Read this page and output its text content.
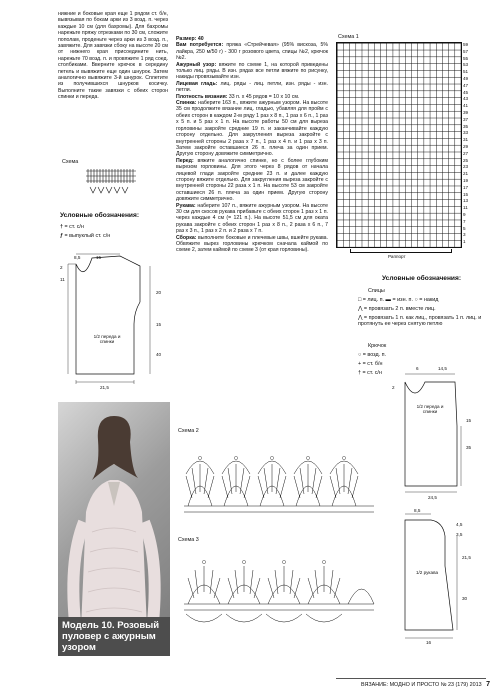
нижние и боковые края еще 1 рядом ст. б/н, вывязывая по бокам арки из 3 возд. п. через каждые 10 см (для бахромы). Для бахромы нарежьте пряжу отрезками по 30 см, сложите пополам, проденьте через арки из 3 возд. п., завяжите. Для завязки сбоку на высоте 20 см от нижнего края присоедините нить, нарежьте 70 возд. п. и провяжите 1 ряд соед. столбиками. Вверните крючок в середину петель и вывяжите еще один шнурок. Затем аналогично вывяжите 3-й шнурок. Сплетите из получившихся шнурков косичку. Выполните такие завязки с обеих сторон спинки и переда.
Схема
Условные обозначения:
† = ст. с/н
ƒ = выпуклый ст. с/н
8,5	15
2
11
20
15
40
21,5
1/2 переда и спинки
Модель 10. Розовый пуловер с ажурным узором
Размер: 40
Вам потребуется: пряжа «Стрейчевая» (95% вискоза, 5% лайкра, 250 м/50 г) - 300 г розового цвета, спицы №2, крючок №2.
Ажурный узор: вяжите по схеме 1, на которой приведены только лиц. ряды. В изн. рядах все петли вяжите по рисунку, накиды провязывайте изн.
Лицевая гладь: лиц. ряды - лиц. петли, изн. ряды - изн. петли.
Плотность вязания: 33 п. х 45 рядов = 10 х 10 см.
Спинка: наберите 163 п., вяжите ажурным узором. На высоте 35 см продолжите вязание лиц. гладью, убавляя для пройм с обеих сторон в каждом 2-м ряду 1 раз х 8 п., 1 раз х 6 п., 1 раз х 5 п. и 5 раз х 1 п. На высоте работы 50 см для выреза горловины закройте средние 19 п. и заканчивайте каждую сторону отдельно. Для закругления выреза закройте с внутренней стороны 2 раза х 7 п., 1 раз х 4 п. и 1 раз х 3 п. Затем закройте оставшиеся 26 п. плеча за один прием. Другую сторону довяжите симметрично.
Перед: вяжите аналогично спинке, но с более глубоким вырезом горловины. Для этого через 8 рядов от начала лицевой глади закройте средние 23 п. и далее каждую сторону вяжите отдельно. Для закругления выреза закройте с внутренней стороны 22 раза х 1 п. На высоте 53 см закройте оставшиеся 26 п. плеча за один прием. Другую сторону довяжите симметрично.
Рукава: наберите 107 п., вяжите ажурным узором. На высоте 30 см для скосов рукава прибавьте с обеих сторон 1 раз х 1 п. через каждые 4 см (= 121 п.). На высоте 51,5 см для оката рукава закройте с обеих сторон 1 раз х 8 п., 2 раза х 6 п., 7 раз х 3 п., 1 раз х 2 п. и 2 раза х 7 п.
Сборка: выполните боковые и плечевые швы, вшейте рукава. Обвяжите вырез горловины крючком сначала каймой по схеме 2, затем каймой по схеме 3 (от края горловины).
Схема 2
Схема 3
Схема 1
59
57
55
53
51
49
47
45
43
41
39
37
35
33
31
29
27
25
23
21
19
17
15
13
11
9
7
5
3
1
Раппорт
Условные обозначения:
Спицы
□ = лиц. п. ▬ = изн. п. ○ = накид
⋀ = провязать 2 п. вместе лиц.
⋀ = провязать 1 п. как лиц., провязать 1 п. лиц. и протянуть ее через снятую петлю
Крючок
○ = возд. п.
+ = ст. б/н
† = ст. с/н
6	14,5
2
35
15
24,5
1/2 переда и спинки
8,5
4,5
3,5
21,5
30
16
1/2 рукава
ВЯЗАНИЕ: МОДНО И ПРОСТО № 23 (179) 2013 7
